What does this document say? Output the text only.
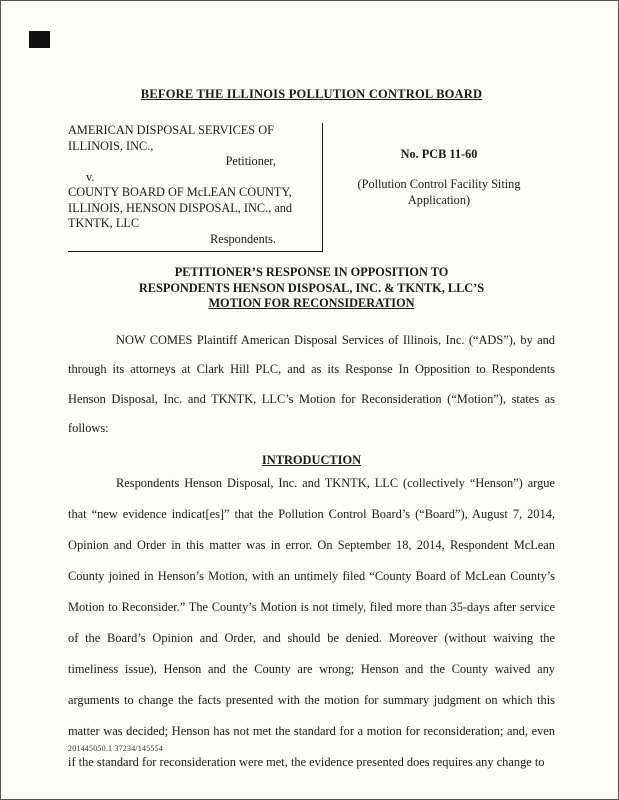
BEFORE THE ILLINOIS POLLUTION CONTROL BOARD
AMERICAN DISPOSAL SERVICES OF
ILLINOIS, INC.,
Petitioner,
v.
COUNTY BOARD OF McLEAN COUNTY,
ILLINOIS, HENSON DISPOSAL, INC., and
TKNTK, LLC
Respondents.
No. PCB 11-60
(Pollution Control Facility Siting
Application)
PETITIONER’S RESPONSE IN OPPOSITION TO
RESPONDENTS HENSON DISPOSAL, INC. & TKNTK, LLC’S
MOTION FOR RECONSIDERATION

NOW COMES Plaintiff American Disposal Services of Illinois, Inc. (“ADS”), by and through its attorneys at Clark Hill PLC, and as its Response In Opposition to Respondents Henson Disposal, Inc. and TKNTK, LLC’s Motion for Reconsideration (“Motion”), states as follows:

INTRODUCTION

Respondents Henson Disposal, Inc. and TKNTK, LLC (collectively “Henson”) argue that “new evidence indicat[es]” that the Pollution Control Board’s (“Board”), August 7, 2014, Opinion and Order in this matter was in error. On September 18, 2014, Respondent McLean County joined in Henson’s Motion, with an untimely filed “County Board of McLean County’s Motion to Reconsider.” The County’s Motion is not timely, filed more than 35-days after service of the Board’s Opinion and Order, and should be denied. Moreover (without waiving the timeliness issue), Henson and the County are wrong; Henson and the County waived any arguments to change the facts presented with the motion for summary judgment on which this matter was decided; Henson has not met the standard for a motion for reconsideration; and, even if the standard for reconsideration were met, the evidence presented does requires any change to

201445050.1 37234/145554
